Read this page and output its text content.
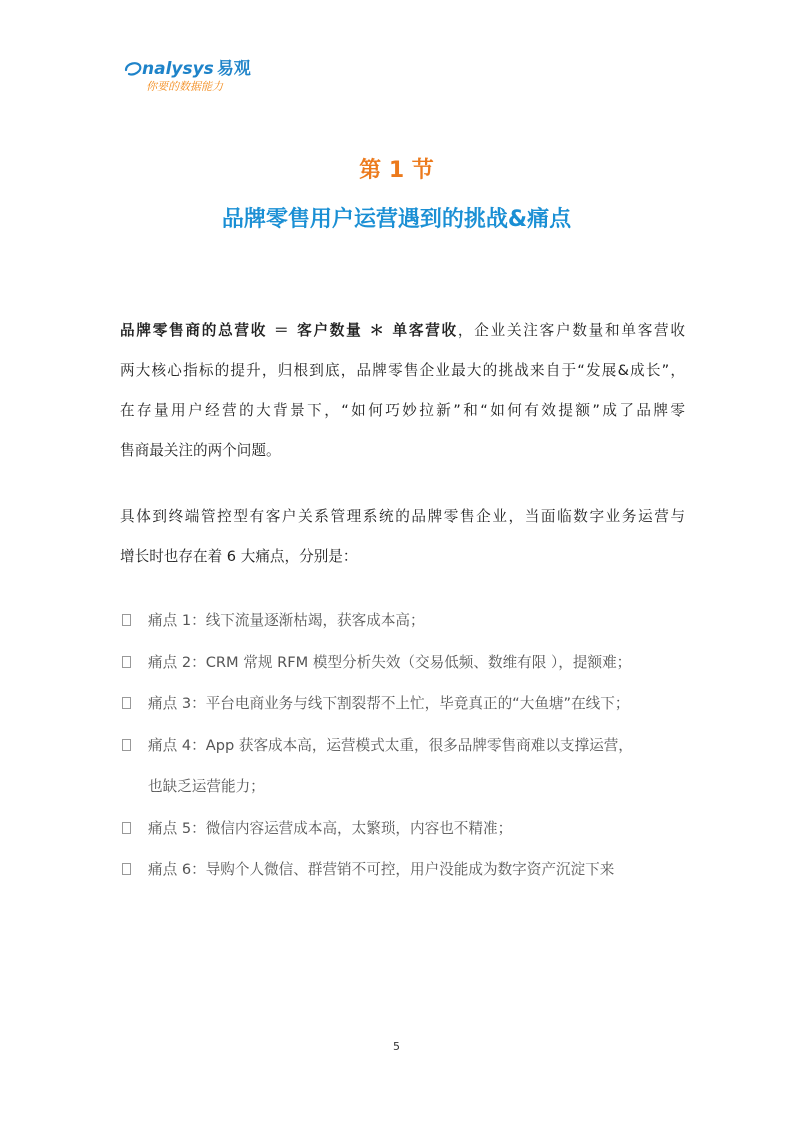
nalysys 易观
你要的数据能力
第 1 节
品牌零售用户运营遇到的挑战&痛点
品牌零售商的总营收 ＝ 客户数量 ＊ 单客营收，企业关注客户数量和单客营收
两大核心指标的提升，归根到底，品牌零售企业最大的挑战来自于“发展&成长”，
在存量用户经营的大背景下，“如何巧妙拉新”和“如何有效提额”成了品牌零
售商最关注的两个问题。
具体到终端管控型有客户关系管理系统的品牌零售企业，当面临数字业务运营与
增长时也存在着 6 大痛点，分别是：
痛点 1：线下流量逐渐枯竭，获客成本高；
痛点 2：CRM 常规 RFM 模型分析失效（交易低频、数维有限 ），提额难；
痛点 3：平台电商业务与线下割裂帮不上忙，毕竟真正的“大鱼塘”在线下；
痛点 4：App 获客成本高，运营模式太重，很多品牌零售商难以支撑运营，
也缺乏运营能力；
痛点 5：微信内容运营成本高，太繁琐，内容也不精准；
痛点 6：导购个人微信、群营销不可控，用户没能成为数字资产沉淀下来
5
